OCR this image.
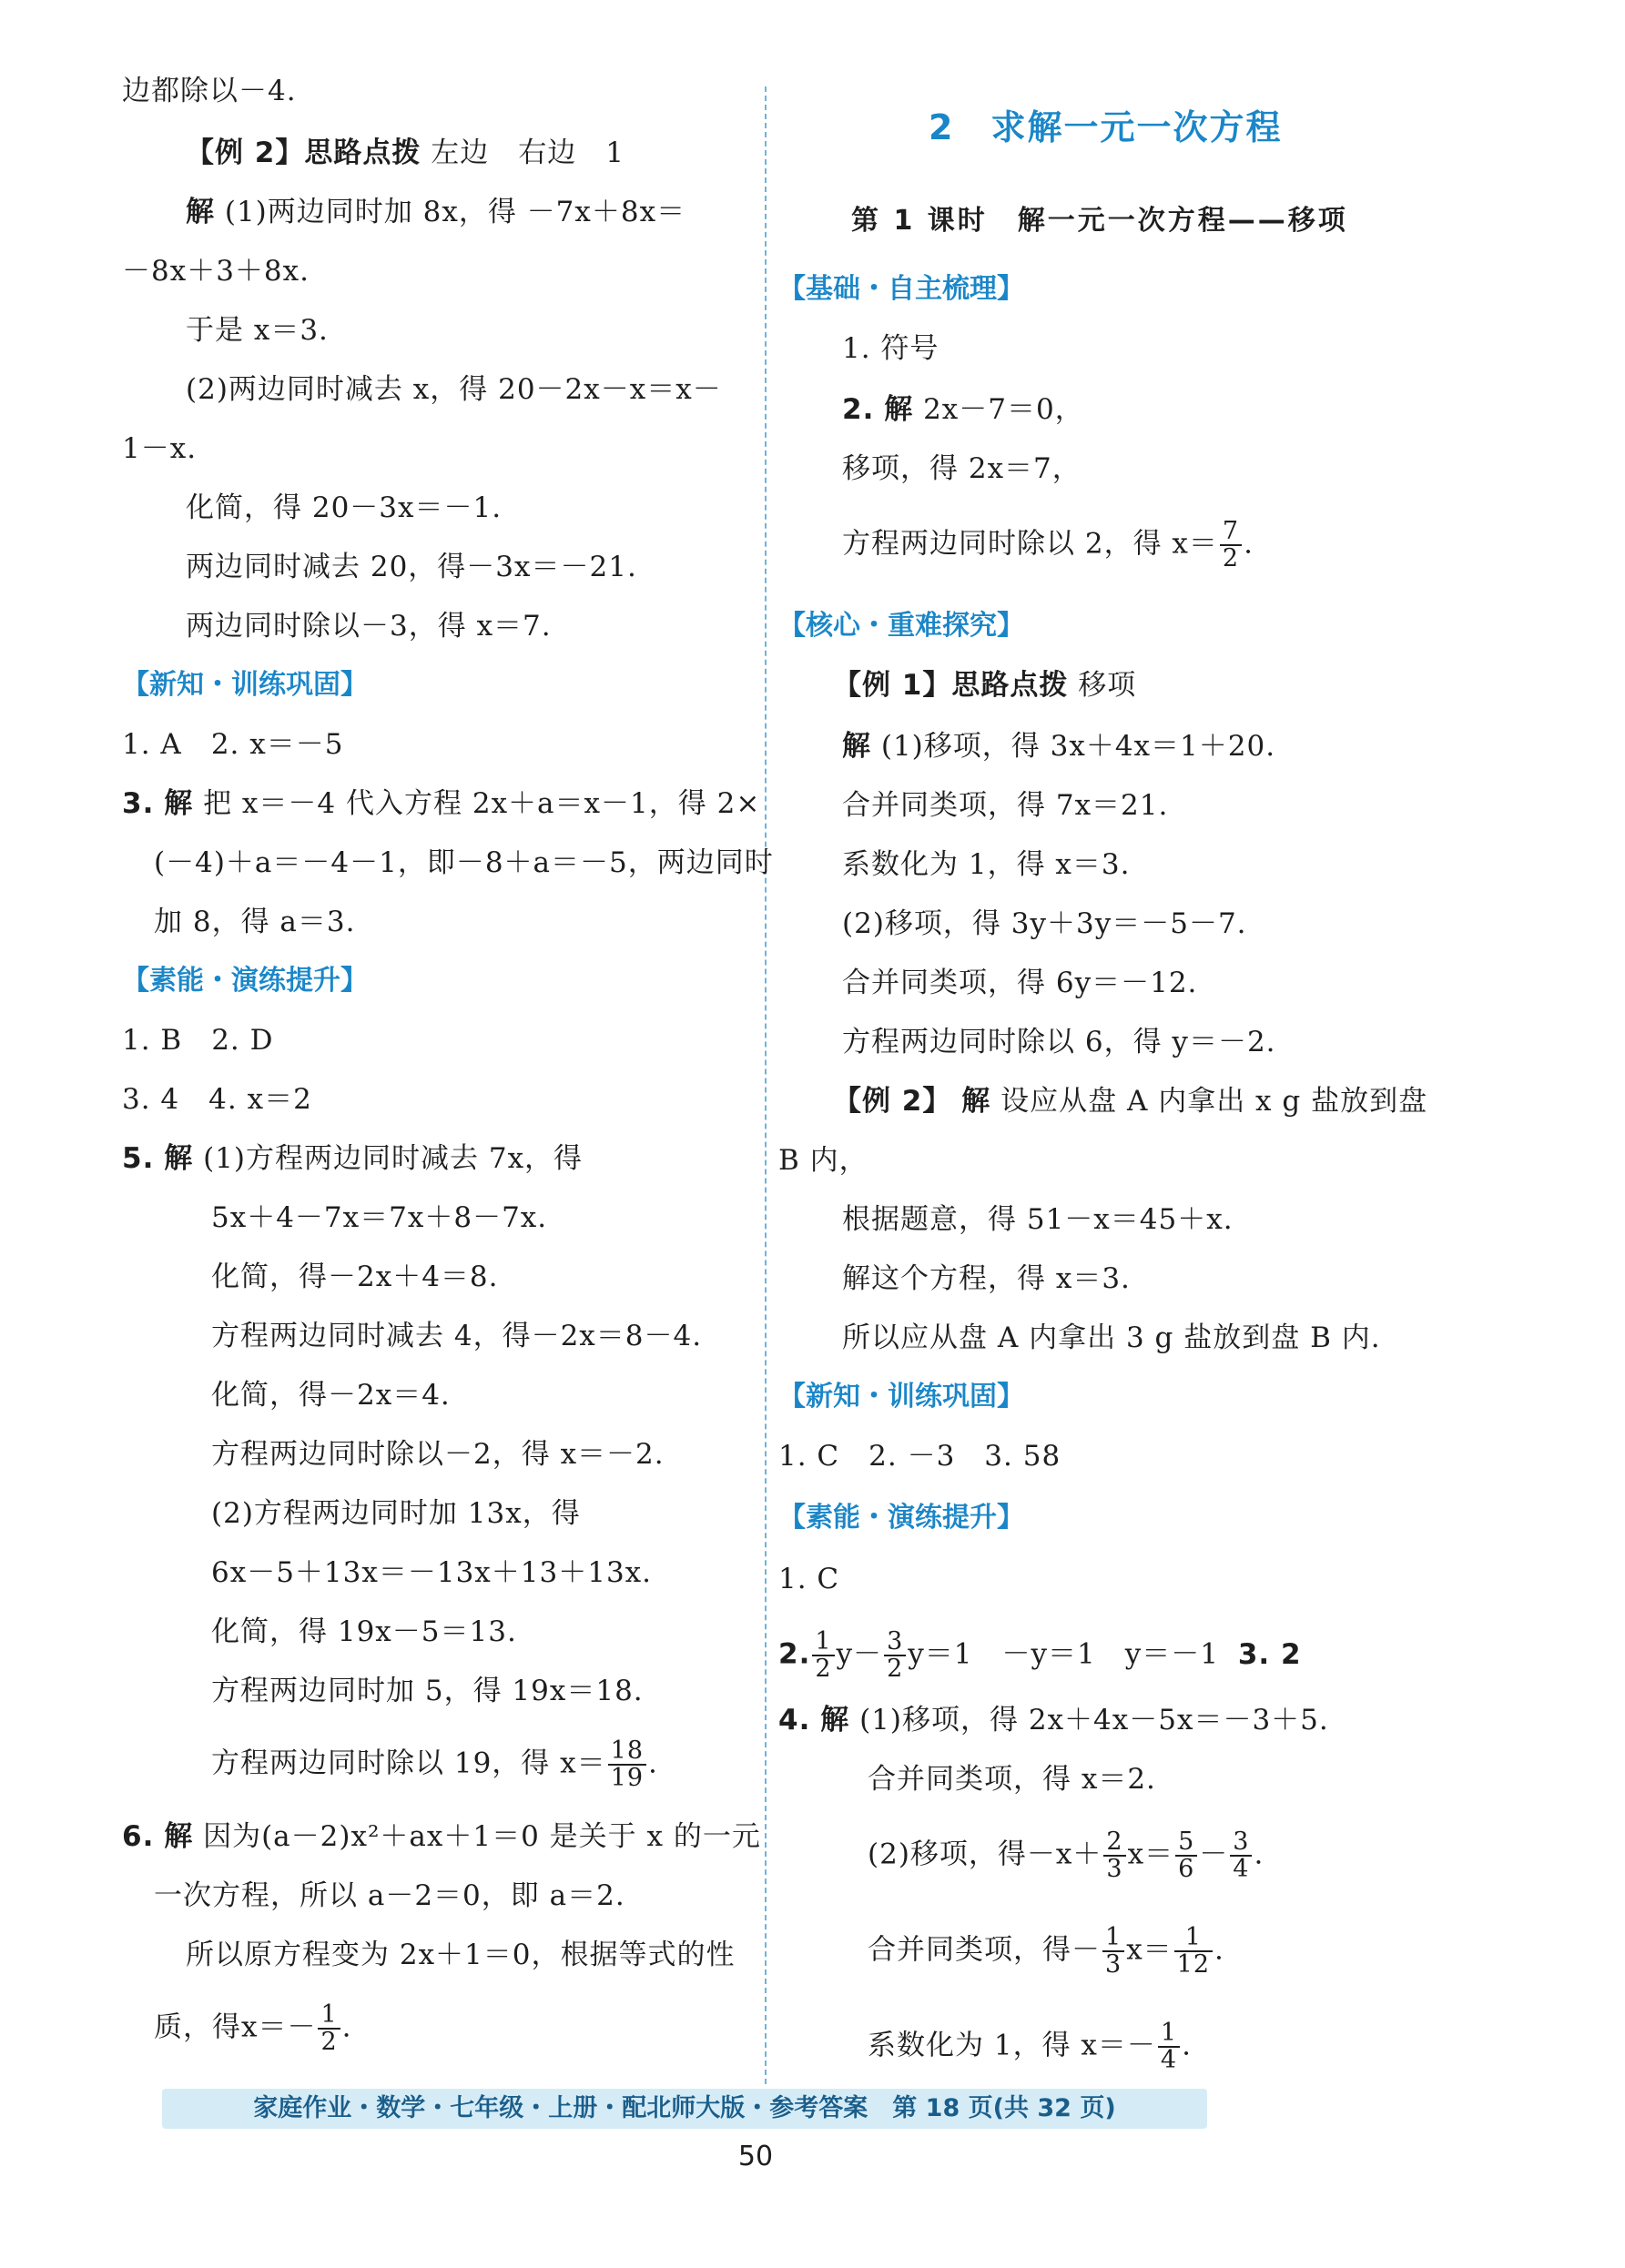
边都除以－4.
【例 2】思路点拨 左边　右边　1
解 (1)两边同时加 8x，得 －7x＋8x＝
－8x＋3＋8x.
于是 x＝3.
(2)两边同时减去 x，得 20－2x－x＝x－
1－x.
化简，得 20－3x＝－1.
两边同时减去 20，得－3x＝－21.
两边同时除以－3，得 x＝7.
【新知・训练巩固】
1. A　2. x＝－5
3. 解 把 x＝－4 代入方程 2x＋a＝x－1，得 2×
(－4)＋a＝－4－1，即－8＋a＝－5，两边同时
加 8，得 a＝3.
【素能・演练提升】
1. B　2. D
3. 4　4. x＝2
5. 解 (1)方程两边同时减去 7x，得
5x＋4－7x＝7x＋8－7x.
化简，得－2x＋4＝8.
方程两边同时减去 4，得－2x＝8－4.
化简，得－2x＝4.
方程两边同时除以－2，得 x＝－2.
(2)方程两边同时加 13x，得
6x－5＋13x＝－13x＋13＋13x.
化简，得 19x－5＝13.
方程两边同时加 5，得 19x＝18.
方程两边同时除以 19，得 $x= \frac{18}{19}$ .
6. 解 因为(a－2)x²＋ax＋1＝0 是关于 x 的一元
一次方程，所以 a－2＝0，即 a＝2.
所以原方程变为 2x＋1＝0，根据等式的性
质，得$x=- \frac{1}{2}$ .
2　求解一元一次方程
第 1 课时　解一元一次方程——移项
【基础・自主梳理】
1. 符号
2. 解 2x－7＝0，
移项，得 2x＝7，
方程两边同时除以 2，得 $x= \frac{7}{2}$ .
【核心・重难探究】
【例 1】思路点拨 移项
解 (1)移项，得 3x＋4x＝1＋20.
合并同类项，得 7x＝21.
系数化为 1，得 x＝3.
(2)移项，得 3y＋3y＝－5－7.
合并同类项，得 6y＝－12.
方程两边同时除以 6，得 y＝－2.
【例 2】 解 设应从盘 A 内拿出 x g 盐放到盘
B 内，
根据题意，得 51－x＝45＋x.
解这个方程，得 x＝3.
所以应从盘 A 内拿出 3 g 盐放到盘 B 内.
【新知・训练巩固】
1. C　2. －3　3. 58
【素能・演练提升】
1. C
2. $\frac{1}{2} y- \frac{3}{2} y=1$　－y＝1　y＝－1 3. 2
4. 解 (1)移项，得 2x＋4x－5x＝－3＋5.
合并同类项，得 x＝2.
(2)移项，得$-x+ \frac{2}{3} x= \frac{5}{6} - \frac{3}{4}$ .
合并同类项，得－ $\frac{1}{3} x= \frac{1}{12}$ .
系数化为 1，得 $x=- \frac{1}{4}$ .
家庭作业・数学・七年级・上册・配北师大版・参考答案　第 18 页(共 32 页)
50
